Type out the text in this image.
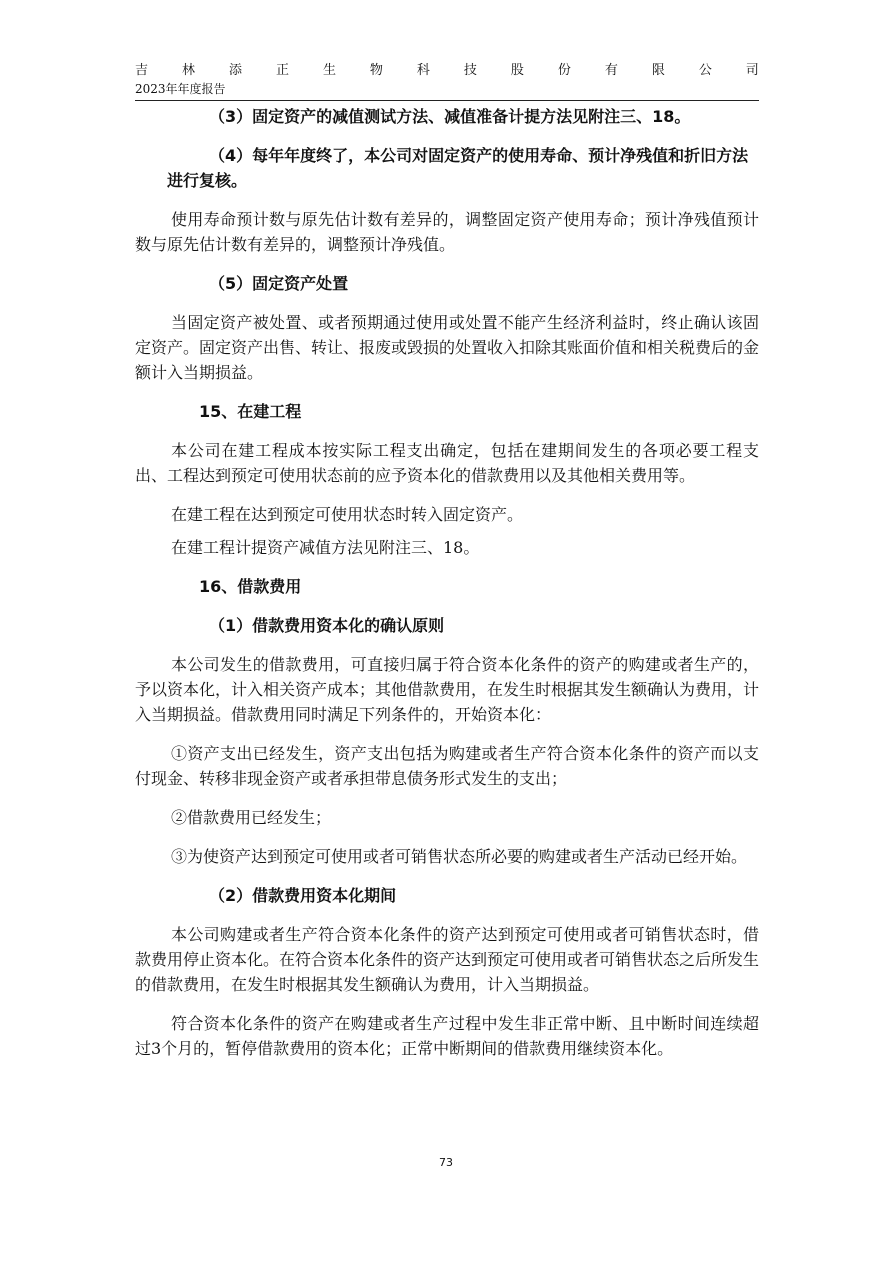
吉	林	添	正	生	物	科	技	股	份	有	限	公	司
2023年年度报告
（3）固定资产的减值测试方法、减值准备计提方法见附注三、18。
（4）每年年度终了，本公司对固定资产的使用寿命、预计净残值和折旧方法进行复核。
使用寿命预计数与原先估计数有差异的，调整固定资产使用寿命；预计净残值预计数与原先估计数有差异的，调整预计净残值。
（5）固定资产处置
当固定资产被处置、或者预期通过使用或处置不能产生经济利益时，终止确认该固定资产。固定资产出售、转让、报废或毁损的处置收入扣除其账面价值和相关税费后的金额计入当期损益。
15、在建工程
本公司在建工程成本按实际工程支出确定，包括在建期间发生的各项必要工程支出、工程达到预定可使用状态前的应予资本化的借款费用以及其他相关费用等。
在建工程在达到预定可使用状态时转入固定资产。
在建工程计提资产减值方法见附注三、18。
16、借款费用
（1）借款费用资本化的确认原则
本公司发生的借款费用，可直接归属于符合资本化条件的资产的购建或者生产的，予以资本化，计入相关资产成本；其他借款费用，在发生时根据其发生额确认为费用，计入当期损益。借款费用同时满足下列条件的，开始资本化：
①资产支出已经发生，资产支出包括为购建或者生产符合资本化条件的资产而以支付现金、转移非现金资产或者承担带息债务形式发生的支出；
②借款费用已经发生；
③为使资产达到预定可使用或者可销售状态所必要的购建或者生产活动已经开始。
（2）借款费用资本化期间
本公司购建或者生产符合资本化条件的资产达到预定可使用或者可销售状态时，借款费用停止资本化。在符合资本化条件的资产达到预定可使用或者可销售状态之后所发生的借款费用，在发生时根据其发生额确认为费用，计入当期损益。
符合资本化条件的资产在购建或者生产过程中发生非正常中断、且中断时间连续超过3个月的，暂停借款费用的资本化；正常中断期间的借款费用继续资本化。
73
